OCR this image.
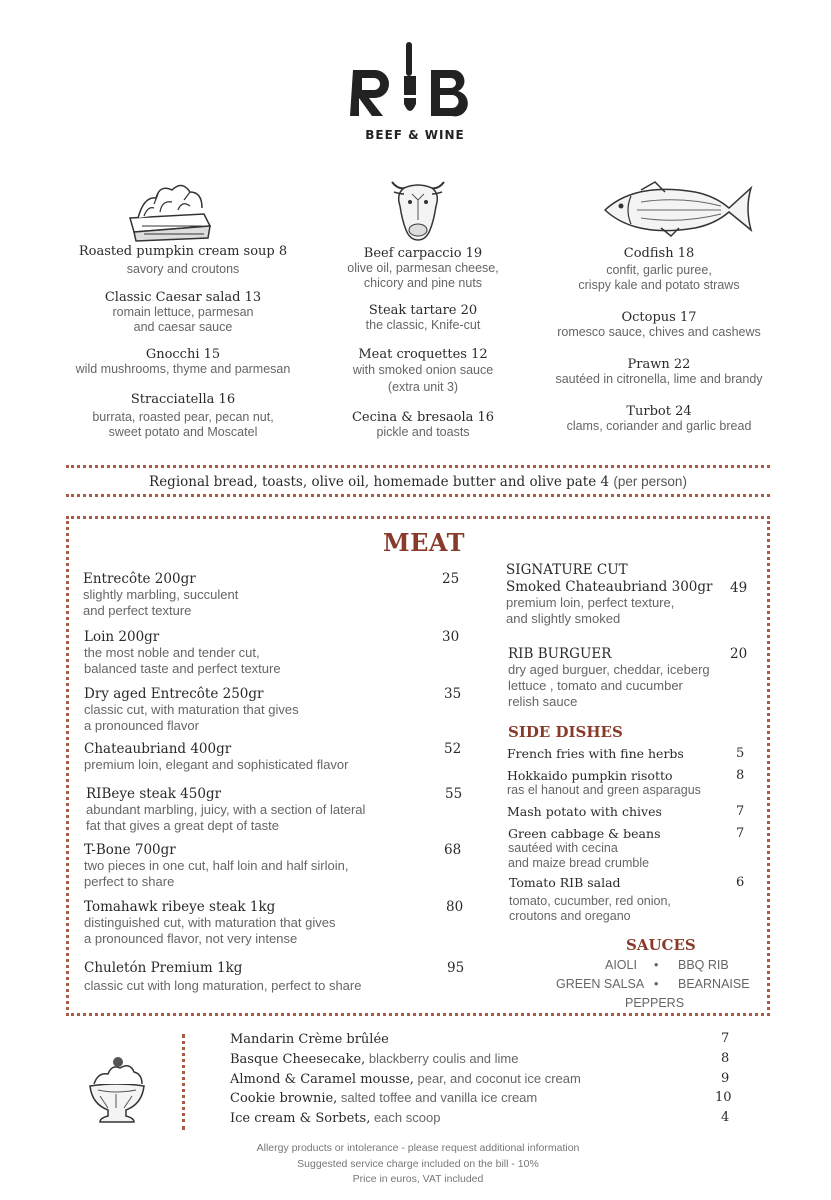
BEEF & WINE
Roasted pumpkin cream soup 8
savory and croutons
Classic Caesar salad 13
romain lettuce, parmesan
and caesar sauce
Gnocchi 15
wild mushrooms, thyme and parmesan
Stracciatella 16
burrata, roasted pear, pecan nut,
sweet potato and Moscatel
Beef carpaccio 19
olive oil, parmesan cheese,
chicory and pine nuts
Steak tartare 20
the classic, Knife-cut
Meat croquettes 12
with smoked onion sauce
(extra unit 3)
Cecina & bresaola 16
pickle and toasts
Codfish 18
confit, garlic puree,
crispy kale and potato straws
Octopus 17
romesco sauce, chives and cashews
Prawn 22
sautéed in citronella, lime and brandy
Turbot 24
clams, coriander and garlic bread
Regional bread, toasts, olive oil, homemade butter and olive pate 4 (per person)
MEAT
Entrecôte 200gr	25
slightly marbling, succulent
and perfect texture
Loin 200gr	30
the most noble and tender cut,
balanced taste and perfect texture
Dry aged Entrecôte 250gr	35
classic cut, with maturation that gives
a pronounced flavor
Chateaubriand 400gr	52
premium loin, elegant and sophisticated flavor
RIBeye steak 450gr	55
abundant marbling, juicy, with a section of lateral
fat that gives a great dept of taste
T-Bone 700gr	68
two pieces in one cut, half loin and half sirloin,
perfect to share
Tomahawk ribeye steak 1kg	80
distinguished cut, with maturation that gives
a pronounced flavor, not very intense
Chuletón Premium 1kg	95
classic cut with long maturation, perfect to share
SIGNATURE CUT
Smoked Chateaubriand 300gr	49
premium loin, perfect texture,
and slightly smoked
RIB BURGUER	20
dry aged burguer, cheddar, iceberg
lettuce , tomato and cucumber
relish sauce
SIDE DISHES
French fries with fine herbs	5
Hokkaido pumpkin risotto	8
ras el hanout and green asparagus
Mash potato with chives	7
Green cabbage & beans	7
sautéed with cecina
and maize bread crumble
Tomato RIB salad	6
tomato, cucumber, red onion,
croutons and oregano
SAUCES
AIOLI • BBQ RIB
GREEN SALSA • BEARNAISE
PEPPERS
Mandarin Crème brûlée	7
Basque Cheesecake, blackberry coulis and lime	8
Almond & Caramel mousse, pear, and coconut ice cream	9
Cookie brownie, salted toffee and vanilla ice cream	10
Ice cream & Sorbets, each scoop	4
Allergy products or intolerance - please request additional information
Suggested service charge included on the bill - 10%
Price in euros, VAT included
